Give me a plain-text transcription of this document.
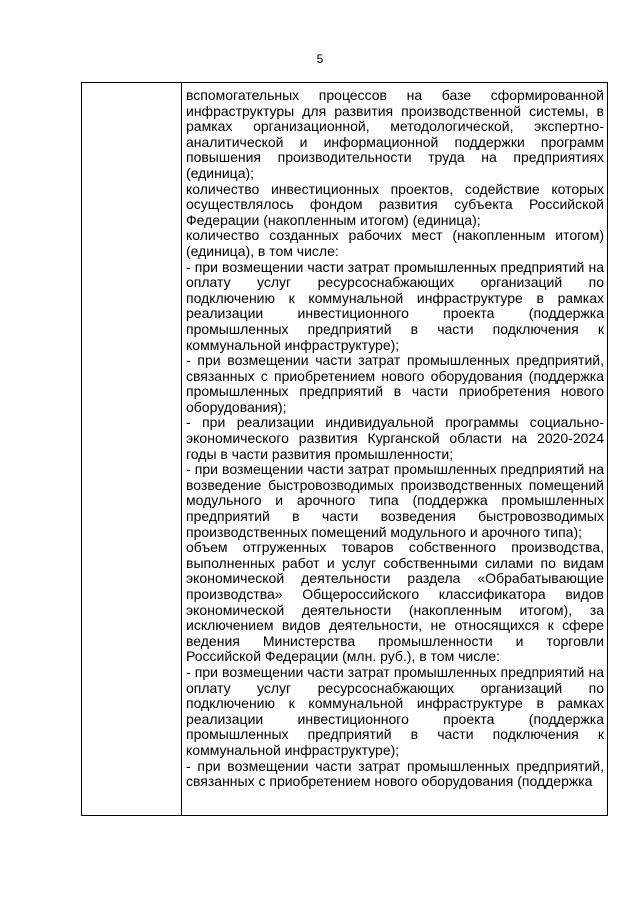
5

вспомогательных процессов на базе сформированной инфраструктуры для развития производственной системы, в рамках организационной, методологической, экспертно-аналитической и информационной поддержки программ повышения производительности труда на предприятиях (единица);

количество инвестиционных проектов, содействие которых осуществлялось фондом развития субъекта Российской Федерации (накопленным итогом) (единица);

количество созданных рабочих мест (накопленным итогом) (единица), в том числе:

- при возмещении части затрат промышленных предприятий на оплату услуг ресурсоснабжающих организаций по подключению к коммунальной инфраструктуре в рамках реализации инвестиционного проекта (поддержка промышленных предприятий в части подключения к коммунальной инфраструктуре);

- при возмещении части затрат промышленных предприятий, связанных с приобретением нового оборудования (поддержка промышленных предприятий в части приобретения нового оборудования);

- при реализации индивидуальной программы социально-экономического развития Курганской области на 2020-2024 годы в части развития промышленности;

- при возмещении части затрат промышленных предприятий на возведение быстровозводимых производственных помещений модульного и арочного типа (поддержка промышленных предприятий в части возведения быстровозводимых производственных помещений модульного и арочного типа);

объем отгруженных товаров собственного производства, выполненных работ и услуг собственными силами по видам экономической деятельности раздела «Обрабатывающие производства» Общероссийского классификатора видов экономической деятельности (накопленным итогом), за исключением видов деятельности, не относящихся к сфере ведения Министерства промышленности и торговли Российской Федерации (млн. руб.), в том числе:

- при возмещении части затрат промышленных предприятий на оплату услуг ресурсоснабжающих организаций по подключению к коммунальной инфраструктуре в рамках реализации инвестиционного проекта (поддержка промышленных предприятий в части подключения к коммунальной инфраструктуре);

- при возмещении части затрат промышленных предприятий, связанных с приобретением нового оборудования (поддержка
